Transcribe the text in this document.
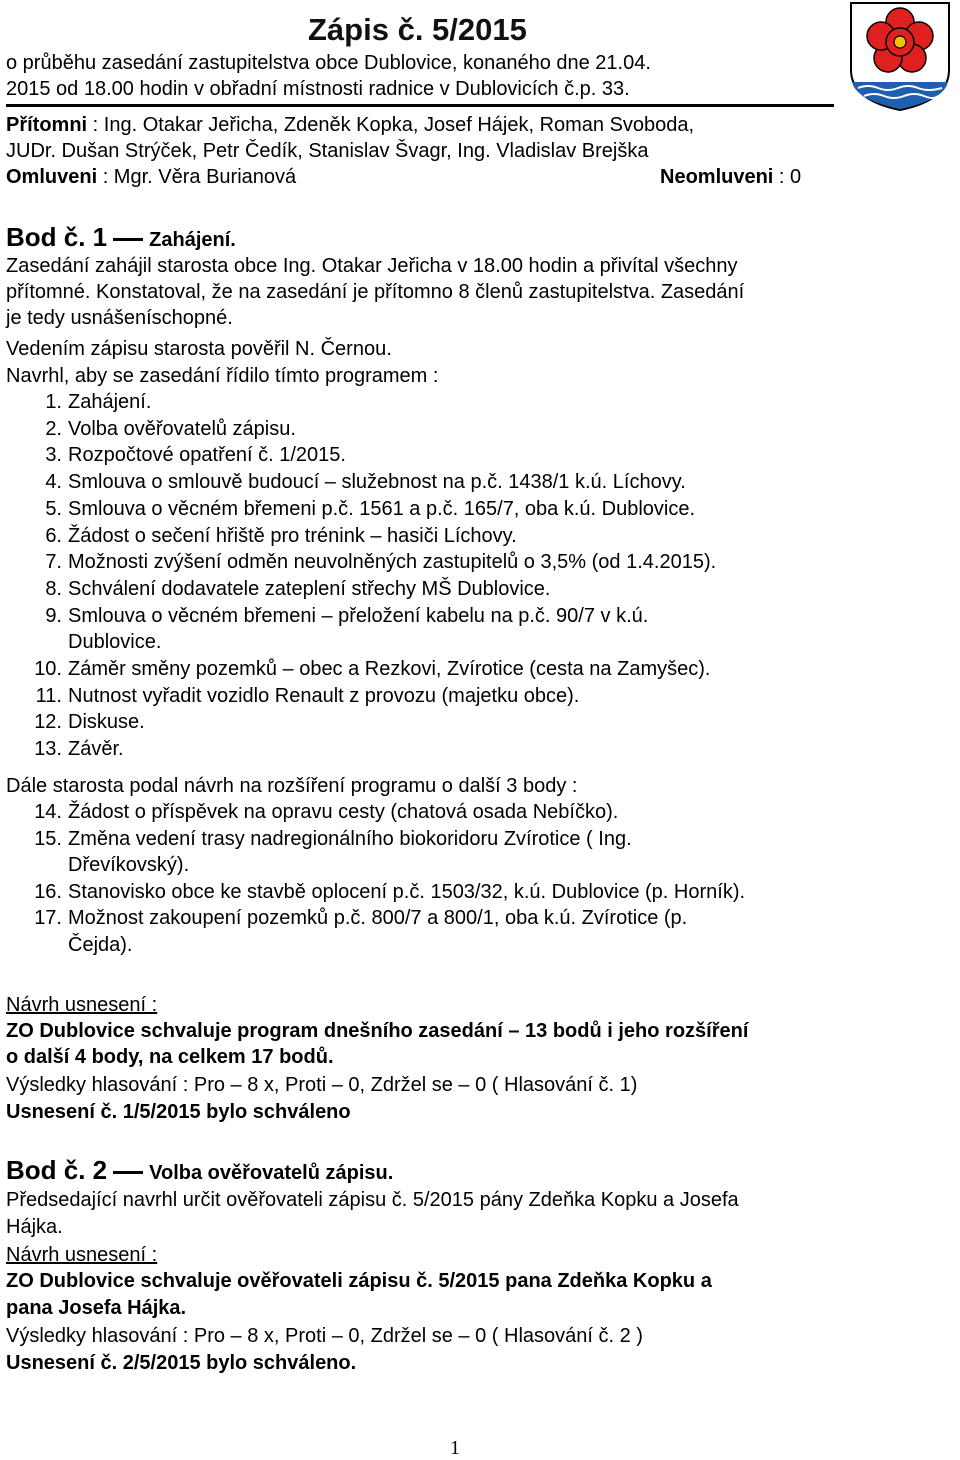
Zápis č. 5/2015
o průběhu zasedání zastupitelstva obce Dublovice, konaného dne 21.04.
2015 od 18.00 hodin v obřadní místnosti radnice v Dublovicích č.p. 33.
Přítomni : Ing. Otakar Jeřicha, Zdeněk Kopka, Josef Hájek, Roman Svoboda,
JUDr. Dušan Strýček, Petr Čedík, Stanislav Švagr, Ing. Vladislav Brejška
Omluveni : Mgr. Věra Burianová	Neomluveni : 0
Bod č. 1 Zahájení.
Zasedání zahájil starosta obce Ing. Otakar Jeřicha v 18.00 hodin a přivítal všechny
přítomné. Konstatoval, že na zasedání je přítomno 8 členů zastupitelstva. Zasedání
je tedy usnášeníschopné.
Vedením zápisu starosta pověřil N. Černou.
Navrhl, aby se zasedání řídilo tímto programem :
1. Zahájení.
2. Volba ověřovatelů zápisu.
3. Rozpočtové opatření č. 1/2015.
4. Smlouva o smlouvě budoucí – služebnost na p.č. 1438/1 k.ú. Líchovy.
5. Smlouva o věcném břemeni p.č. 1561 a p.č. 165/7, oba k.ú. Dublovice.
6. Žádost o sečení hřiště pro trénink – hasiči Líchovy.
7. Možnosti zvýšení odměn neuvolněných zastupitelů o 3,5% (od 1.4.2015).
8. Schválení dodavatele zateplení střechy MŠ Dublovice.
9. Smlouva o věcném břemeni – přeložení kabelu na p.č. 90/7 v k.ú.
Dublovice.
10. Záměr směny pozemků – obec a Rezkovi, Zvírotice (cesta na Zamyšec).
11. Nutnost vyřadit vozidlo Renault z provozu (majetku obce).
12. Diskuse.
13. Závěr.
Dále starosta podal návrh na rozšíření programu o další 3 body :
14. Žádost o příspěvek na opravu cesty (chatová osada Nebíčko).
15. Změna vedení trasy nadregionálního biokoridoru Zvírotice ( Ing.
Dřevíkovský).
16. Stanovisko obce ke stavbě oplocení p.č. 1503/32, k.ú. Dublovice (p. Horník).
17. Možnost zakoupení pozemků p.č. 800/7 a 800/1, oba k.ú. Zvírotice (p.
Čejda).
Návrh usnesení :
ZO Dublovice schvaluje program dnešního zasedání – 13 bodů i jeho rozšíření
o další 4 body, na celkem 17 bodů.
Výsledky hlasování : Pro – 8 x, Proti – 0, Zdržel se – 0 ( Hlasování č. 1)
Usnesení č. 1/5/2015 bylo schváleno
Bod č. 2 Volba ověřovatelů zápisu.
Předsedající navrhl určit ověřovateli zápisu č. 5/2015 pány Zdeňka Kopku a Josefa
Hájka.
Návrh usnesení :
ZO Dublovice schvaluje ověřovateli zápisu č. 5/2015 pana Zdeňka Kopku a
pana Josefa Hájka.
Výsledky hlasování : Pro – 8 x, Proti – 0, Zdržel se – 0 ( Hlasování č. 2 )
Usnesení č. 2/5/2015 bylo schváleno.
1
